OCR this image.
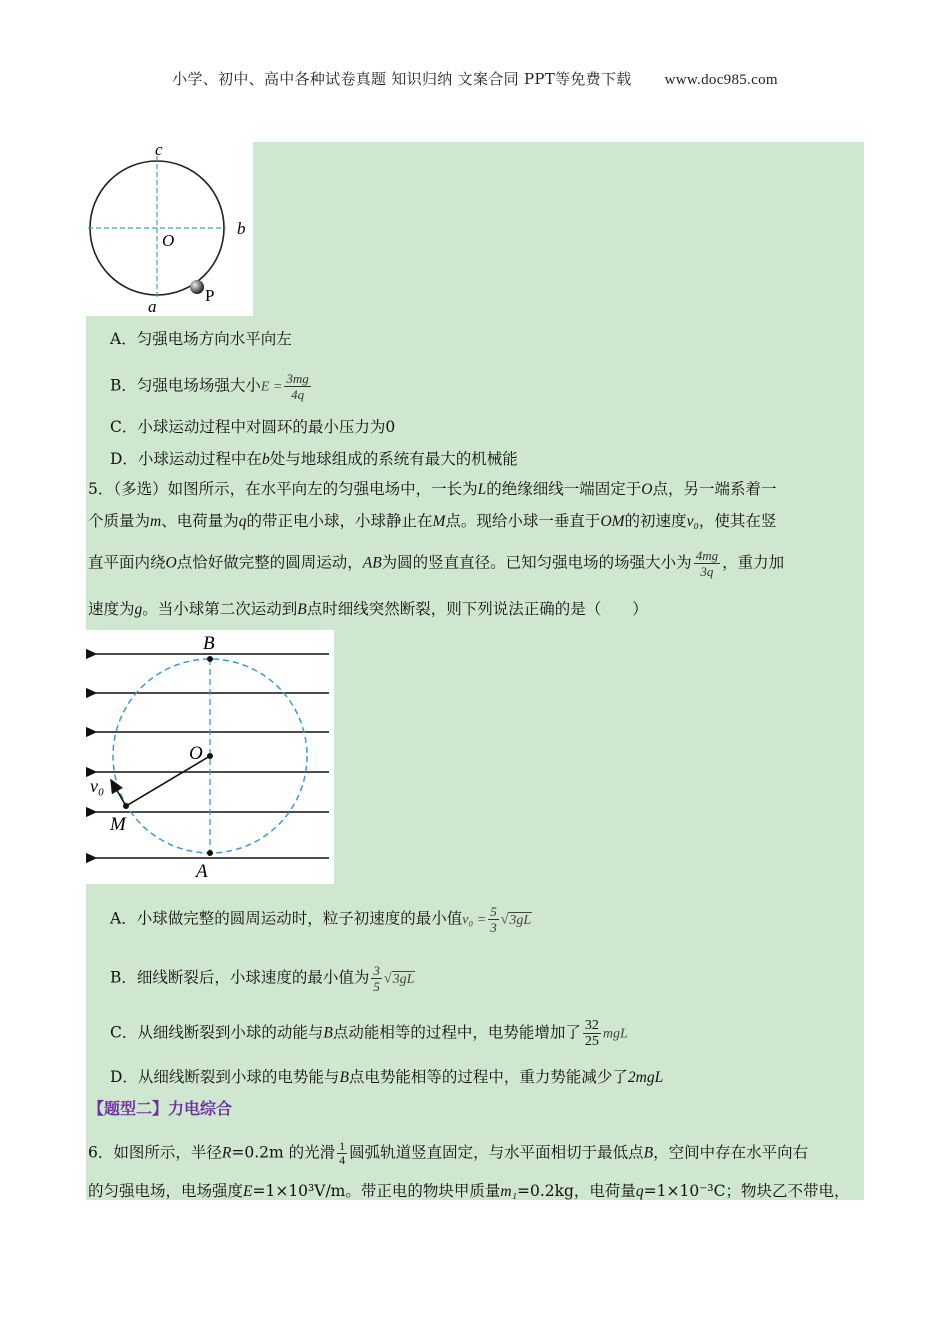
小学、初中、高中各种试卷真题 知识归纳 文案合同 PPT等免费下载 www.doc985.com
c
b
O
a
P
A．匀强电场方向水平向左
B．匀强电场场强大小$E = \frac{3mg}{4q}$
C．小球运动过程中对圆环的最小压力为0
D．小球运动过程中在b处与地球组成的系统有最大的机械能
5．（多选）如图所示，在水平向左的匀强电场中，一长为L的绝缘细线一端固定于O点，另一端系着一
个质量为m、电荷量为q的带正电小球，小球静止在M点。现给小球一垂直于OM的初速度v₀，使其在竖
直平面内绕O点恰好做完整的圆周运动，AB为圆的竖直直径。已知匀强电场的场强大小为 $\frac{4mg}{3q}$ ，重力加
速度为g。当小球第二次运动到B点时细线突然断裂，则下列说法正确的是（　　）
B
O
v₀
M
A
A．小球做完整的圆周运动时，粒子初速度的最小值$v_0 = \frac{5}{3} √3gL$
B．细线断裂后，小球速度的最小值为 $\frac{3}{5} √3gL$
C．从细线断裂到小球的动能与B点动能相等的过程中，电势能增加了 $\frac{32}{25}$ mgL
D．从细线断裂到小球的电势能与B点电势能相等的过程中，重力势能减少了2mgL
【题型二】力电综合
6．如图所示，半径R=0.2m 的光滑 $\frac{1}{4}$ 圆弧轨道竖直固定，与水平面相切于最低点B，空间中存在水平向右
的匀强电场，电场强度E=1×10³V/m。带正电的物块甲质量m₁=0.2kg，电荷量q=1×10⁻³C；物块乙不带电，
